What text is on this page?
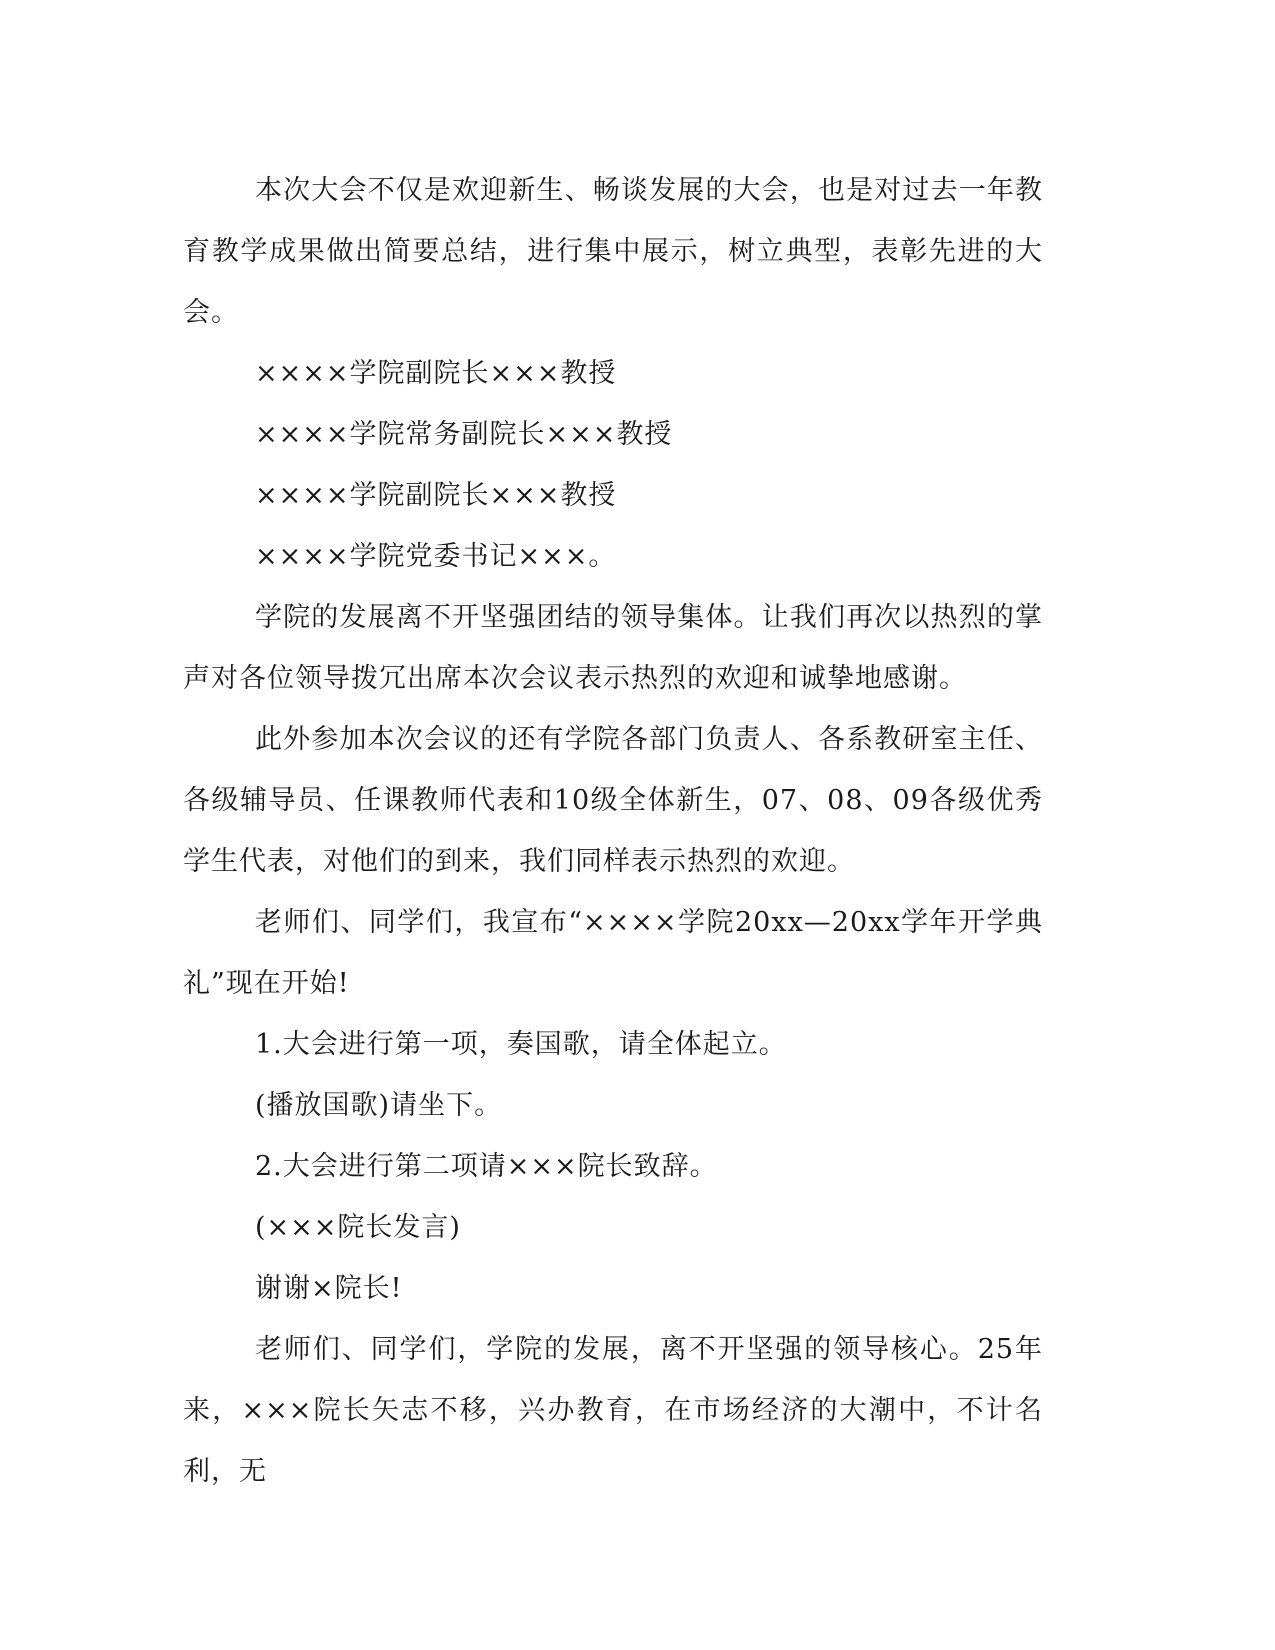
本次大会不仅是欢迎新生、畅谈发展的大会，也是对过去一年教育教学成果做出简要总结，进行集中展示，树立典型，表彰先进的大会。

××××学院副院长×××教授

××××学院常务副院长×××教授

××××学院副院长×××教授

××××学院党委书记×××。

学院的发展离不开坚强团结的领导集体。让我们再次以热烈的掌声对各位领导拨冗出席本次会议表示热烈的欢迎和诚挚地感谢。

此外参加本次会议的还有学院各部门负责人、各系教研室主任、各级辅导员、任课教师代表和10级全体新生，07、08、09各级优秀学生代表，对他们的到来，我们同样表示热烈的欢迎。

老师们、同学们，我宣布“××××学院20xx—20xx学年开学典礼”现在开始!

1.大会进行第一项，奏国歌，请全体起立。

(播放国歌)请坐下。

2.大会进行第二项请×××院长致辞。

(×××院长发言)

谢谢×院长!

老师们、同学们，学院的发展，离不开坚强的领导核心。25年来，×××院长矢志不移，兴办教育，在市场经济的大潮中，不计名利，无
